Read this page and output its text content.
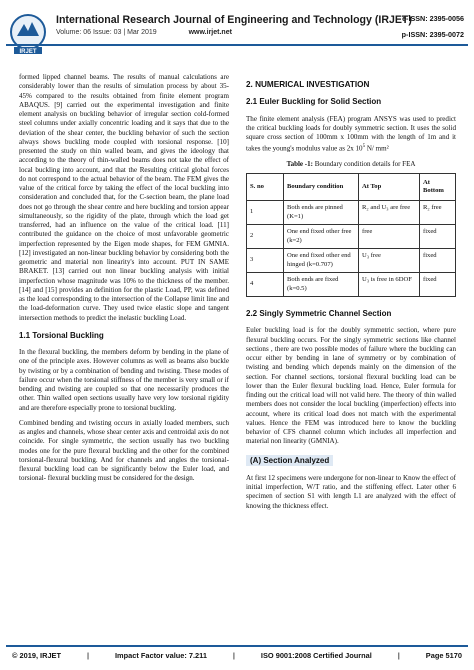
IRJET
International Research Journal of Engineering and Technology (IRJET)
Volume: 06 Issue: 03 | Mar 2019	www.irjet.net
e-ISSN: 2395-0056
p-ISSN: 2395-0072

formed lipped channel beams. The results of manual calculations are considerably lower than the results of simulation process by about 35-45% compared to the results obtained from finite element program ABAQUS. [9] carried out the experimental investigation and finite element analysis on buckling behavior of irregular section cold-formed steel columns under axially concentric loading and it says that due to the deviation of the shear center, the buckling behavior of such the section always shows buckling mode coupled with torsional response. [10] presented the study on thin walled beam, and gives the ideology that according to the theory of thin-walled beams does not take the effect of local buckling into account, and that the Resulting critical global forces do not correspond to the actual behavior of the beam. The FEM gives the value of the critical force by taking the effect of the local buckling into consideration and concluded that, for the C-section beam, the plane load does not go through the shear centre and here buckling and torsion appear simultaneously, so the rigidity of the plate, through which the load get transferred, had an influence on the value of the critical load. [11] contributed the guidance on the choice of most unfavorable geometric imperfection represented by the Eigen mode shapes, for FEM GMNIA. [12] investigated an non-linear buckling behavior by considering both the geometric and material non linearity's into account. PUT IN SAME BRAKET. [13] carried out non linear buckling analysis with initial imperfection whose magnitude was 10% to the thickness of the member. [14] and [15] provides an definition for the plastic Load, PP, was defined as the load corresponding to the intersection of the Collapse limit line and the load-deformation curve. They used twice elastic slope and tangent intersection methods to predict the inelastic buckling Load.

1.1 Torsional Buckling

In the flexural buckling, the members deform by bending in the plane of one of the principle axes. However columns as well as beams also buckle by twisting or by a combination of bending and twisting. These modes of failure occur when the torsional stiffness of the member is very small or if bending and twisting are coupled so that one necessarily produces the other. Thin walled open sections usually have very low torsional rigidity and are therefore especially prone to torsional buckling.

Combined bending and twisting occurs in axially loaded members, such as angles and channels, whose shear center axis and centroidal axis do not coincide. For single symmetric, the section usually has two buckling modes one for the pure flexural buckling and the other for the combined torsional-flexural buckling. And for channels and angles the torsional-flexural buckling load can be significantly below the Euler load, and torsional- flexural buckling must be considered for the design.

2. NUMERICAL INVESTIGATION
2.1 Euler Buckling for Solid Section

The finite element analysis (FEA) program ANSYS was used to predict the critical buckling loads for doubly symmetric section. It uses the solid square cross section of 100mm x 100mm with the length of 1m and it takes the young's modulus value as 2x $10^5$ N/ mm²

Table -1: Boundary condition details for FEA
S. no	Boundary condition	At Top	At Bottom
1	Both ends are pinned (K=1)	R₂ and U₃ are free	R₂ free
2	One end fixed other free (k=2)	free	fixed
3	One end fixed other end hinged (k=0.707)	U₃ free	fixed
4	Both ends are fixed (k=0.5)	U₃ is free in 6DOF	fixed
2.2 Singly Symmetric Channel Section

Euler buckling load is for the doubly symmetric section, where pure flexural buckling occurs. For the singly symmetric sections like channel sections , there are two possible modes of failure where the buckling can occur either by bending in lane of symmetry or by combination of twisting and bending which depends mainly on the dimension of the section. For channel sections, torsional flexural buckling load can be lower than the Euler flexural buckling load. Hence, Euler formula for finding out the critical load will not valid here. The theory of thin walled members does not consider the local buckling (imperfection) effects into account, where its critical load does not match with the experimental values. Hence the FEM was introduced here to know the buckling behavior of CFS channel column which includes all imperfection and material non linearity (GMNIA).

(A) Section Analyzed

At first 12 specimens were undergone for non-linear to Know the effect of initial imperfection, W/T ratio, and the stiffening effect. Later other 6 specimen of section S1 with length L1 are analyzed with the effect of knowing the thickness effect.

© 2019, IRJET	|	Impact Factor value: 7.211	|	ISO 9001:2008 Certified Journal	|	Page 5170
